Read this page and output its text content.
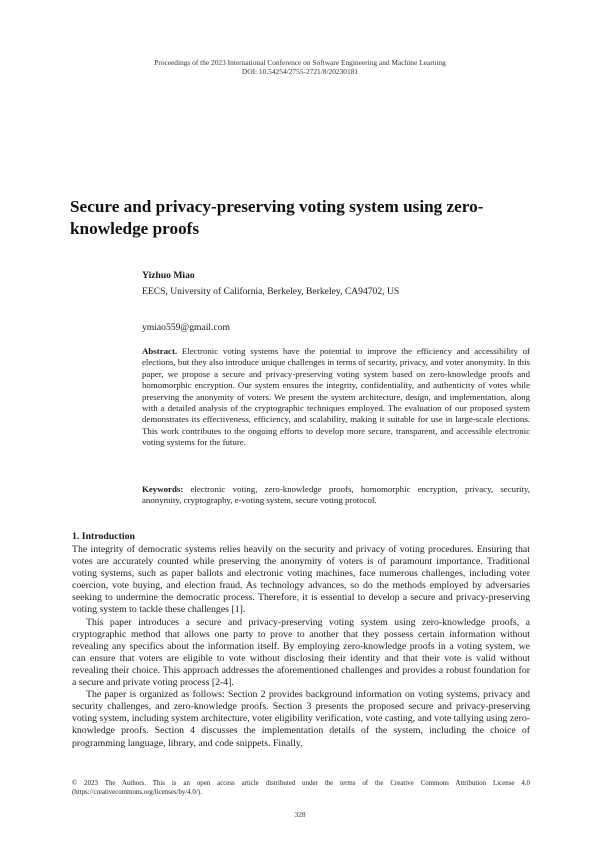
Proceedings of the 2023 International Conference on Software Engineering and Machine Learning
DOI: 10.54254/2755-2721/8/20230181
Secure and privacy-preserving voting system using zero-knowledge proofs
Yizhuo Miao
EECS, University of California, Berkeley, Berkeley, CA94702, US
ymiao559@gmail.com
Abstract. Electronic voting systems have the potential to improve the efficiency and accessibility of elections, but they also introduce unique challenges in terms of security, privacy, and voter anonymity. In this paper, we propose a secure and privacy-preserving voting system based on zero-knowledge proofs and homomorphic encryption. Our system ensures the integrity, confidentiality, and authenticity of votes while preserving the anonymity of voters. We present the system architecture, design, and implementation, along with a detailed analysis of the cryptographic techniques employed. The evaluation of our proposed system demonstrates its effectiveness, efficiency, and scalability, making it suitable for use in large-scale elections. This work contributes to the ongoing efforts to develop more secure, transparent, and accessible electronic voting systems for the future.
Keywords: electronic voting, zero-knowledge proofs, homomorphic encryption, privacy, security, anonymity, cryptography, e-voting system, secure voting protocol.
1. Introduction

The integrity of democratic systems relies heavily on the security and privacy of voting procedures. Ensuring that votes are accurately counted while preserving the anonymity of voters is of paramount importance. Traditional voting systems, such as paper ballots and electronic voting machines, face numerous challenges, including voter coercion, vote buying, and election fraud. As technology advances, so do the methods employed by adversaries seeking to undermine the democratic process. Therefore, it is essential to develop a secure and privacy-preserving voting system to tackle these challenges [1].

This paper introduces a secure and privacy-preserving voting system using zero-knowledge proofs, a cryptographic method that allows one party to prove to another that they possess certain information without revealing any specifics about the information itself. By employing zero-knowledge proofs in a voting system, we can ensure that voters are eligible to vote without disclosing their identity and that their vote is valid without revealing their choice. This approach addresses the aforementioned challenges and provides a robust foundation for a secure and private voting process [2-4].

The paper is organized as follows: Section 2 provides background information on voting systems, privacy and security challenges, and zero-knowledge proofs. Section 3 presents the proposed secure and privacy-preserving voting system, including system architecture, voter eligibility verification, vote casting, and vote tallying using zero-knowledge proofs. Section 4 discusses the implementation details of the system, including the choice of programming language, library, and code snippets. Finally,

© 2023 The Authors. This is an open access article distributed under the terms of the Creative Commons Attribution License 4.0 (https://creativecommons.org/licenses/by/4.0/).
328
